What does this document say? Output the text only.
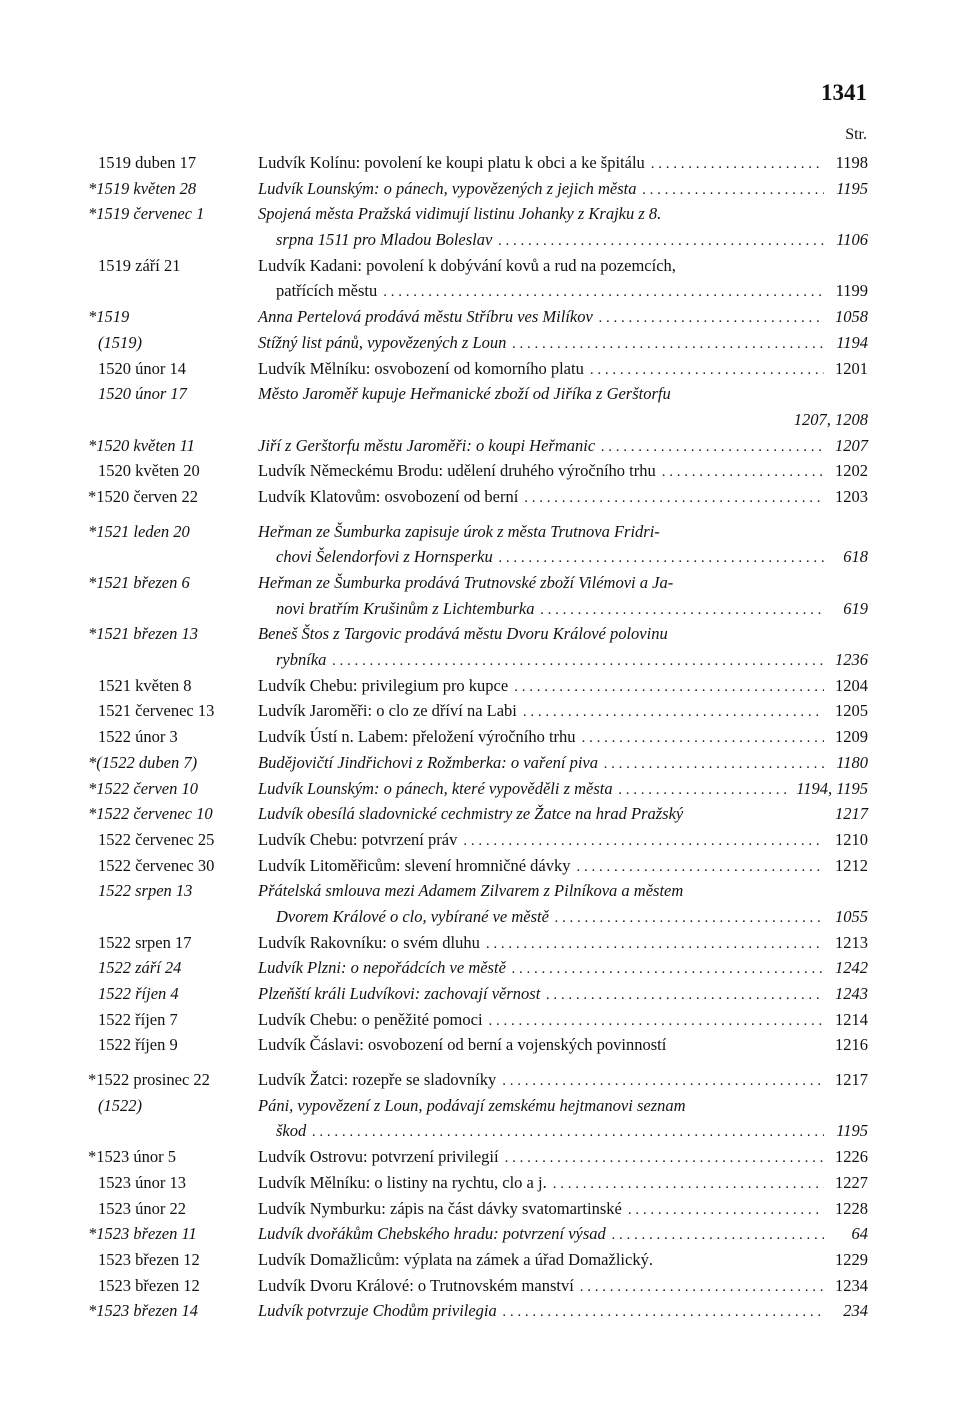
1341
Str.
1519 duben 17	Ludvík Kolínu: povolení ke koupi platu k obci a ke špitálu . . .	1198
*1519 květen 28	Ludvík Lounským: o pánech, vypovězených z jejich města . . .	1195
*1519 červenec 1	Spojená města Pražská vidimují listinu Johanky z Krajku z 8.
srpna 1511 pro Mladou Boleslav . . .	1106
1519 září 21	Ludvík Kadani: povolení k dobývání kovů a rud na pozemcích,
patřících městu . . .	1199
*1519	Anna Pertelová prodává městu Stříbru ves Milíkov . . .	1058
(1519)	Stížný list pánů, vypovězených z Loun . . .	1194
1520 únor 14	Ludvík Mělníku: osvobození od komorního platu . . .	1201
1520 únor 17	Město Jaroměř kupuje Heřmanické zboží od Jiříka z Gerštorfu
1207, 1208
*1520 květen 11	Jiří z Gerštorfu městu Jaroměři: o koupi Heřmanic . . .	1207
1520 květen 20	Ludvík Německému Brodu: udělení druhého výročního trhu . . .	1202
*1520 červen 22	Ludvík Klatovům: osvobození od berní . . .	1203
*1521 leden 20	Heřman ze Šumburka zapisuje úrok z města Trutnova Fridri-
chovi Šelendorfovi z Hornsperku . . .	618
*1521 březen 6	Heřman ze Šumburka prodává Trutnovské zboží Vilémovi a Ja-
novi bratřím Krušinům z Lichtemburka . . .	619
*1521 březen 13	Beneš Štos z Targovic prodává městu Dvoru Králové polovinu
rybníka . . .	1236
1521 květen 8	Ludvík Chebu: privilegium pro kupce . . .	1204
1521 červenec 13	Ludvík Jaroměři: o clo ze dříví na Labi . . .	1205
1522 únor 3	Ludvík Ústí n. Labem: přeložení výročního trhu . . .	1209
*(1522 duben 7)	Budějovičtí Jindřichovi z Rožmberka: o vaření piva . . .	1180
*1522 červen 10	Ludvík Lounským: o pánech, které vypověděli z města . . .	1194, 1195
*1522 červenec 10	Ludvík obesílá sladovnické cechmistry ze Žatce na hrad Pražský	1217
1522 červenec 25	Ludvík Chebu: potvrzení práv . . .	1210
1522 červenec 30	Ludvík Litoměřicům: slevení hromničné dávky . . .	1212
1522 srpen 13	Přátelská smlouva mezi Adamem Zilvarem z Pilníkova a městem
Dvorem Králové o clo, vybírané ve městě . . .	1055
1522 srpen 17	Ludvík Rakovníku: o svém dluhu . . .	1213
1522 září 24	Ludvík Plzni: o nepořádcích ve městě . . .	1242
1522 říjen 4	Plzeňští králi Ludvíkovi: zachovají věrnost . . .	1243
1522 říjen 7	Ludvík Chebu: o peněžité pomoci . . .	1214
1522 říjen 9	Ludvík Čáslavi: osvobození od berní a vojenských povinností	1216
*1522 prosinec 22	Ludvík Žatci: rozepře se sladovníky . . .	1217
(1522)	Páni, vypovězení z Loun, podávají zemskému hejtmanovi seznam
škod . . .	1195
*1523 únor 5	Ludvík Ostrovu: potvrzení privilegií . . .	1226
1523 únor 13	Ludvík Mělníku: o listiny na rychtu, clo a j. . . .	1227
1523 únor 22	Ludvík Nymburku: zápis na část dávky svatomartinské . . .	1228
*1523 březen 11	Ludvík dvořákům Chebského hradu: potvrzení výsad . . .	64
1523 březen 12	Ludvík Domažlicům: výplata na zámek a úřad Domažlický.	1229
1523 březen 12	Ludvík Dvoru Králové: o Trutnovském manství . . .	1234
*1523 březen 14	Ludvík potvrzuje Chodům privilegia . . .	234
